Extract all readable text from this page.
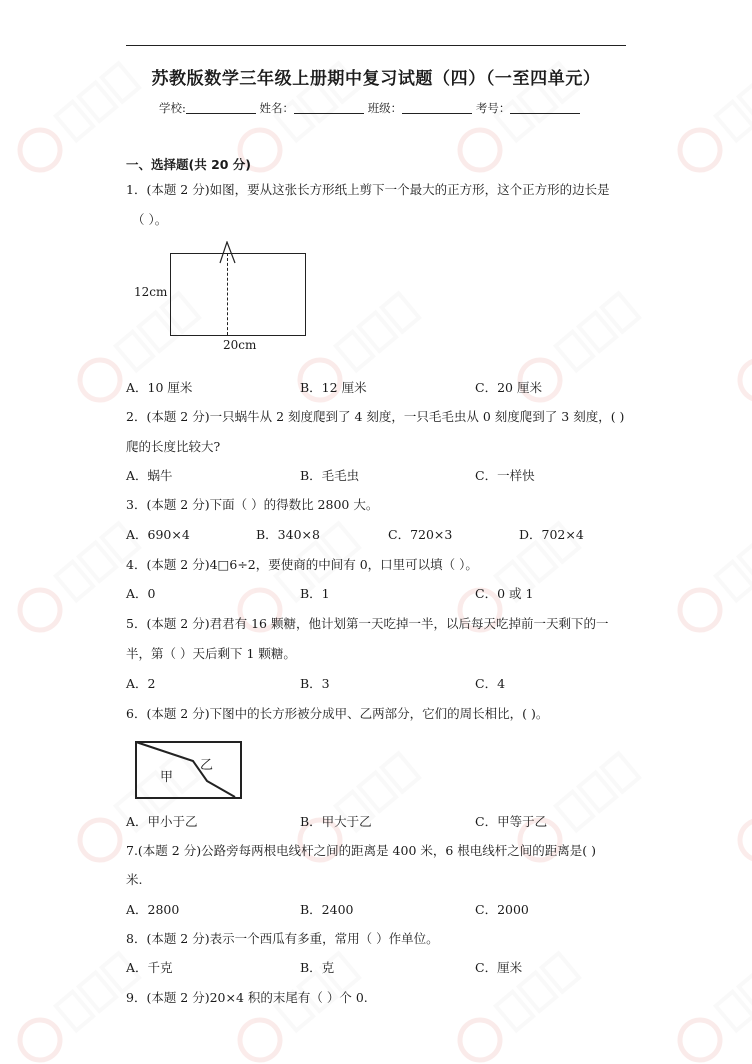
苏教版数学三年级上册期中复习试题（四）（一至四单元）
学校:	姓名：	班级：	考号：
一、选择题(共 20 分)
1．(本题 2 分)如图，要从这张长方形纸上剪下一个最大的正方形，这个正方形的边长是
（ ）。
12cm
20cm
A．10 厘米	B．12 厘米	C．20 厘米
2．(本题 2 分)一只蜗牛从 2 刻度爬到了 4 刻度，一只毛毛虫从 0 刻度爬到了 3 刻度，( )
爬的长度比较大?
A．蜗牛	B．毛毛虫	C．一样快
3．(本题 2 分)下面（ ）的得数比 2800 大。
A．690×4	B．340×8	C．720×3	D．702×4
4．(本题 2 分)4□6÷2，要使商的中间有 0，口里可以填（ ）。
A．0	B．1	C．0 或 1
5．(本题 2 分)君君有 16 颗糖，他计划第一天吃掉一半，以后每天吃掉前一天剩下的一
半，第（ ）天后剩下 1 颗糖。
A．2	B．3	C．4
6．(本题 2 分)下图中的长方形被分成甲、乙两部分，它们的周长相比，( )。
甲
乙
A．甲小于乙	B．甲大于乙	C．甲等于乙
7.(本题 2 分)公路旁每两根电线杆之间的距离是 400 米，6 根电线杆之间的距离是( )
米.
A．2800	B．2400	C．2000
8．(本题 2 分)表示一个西瓜有多重，常用（ ）作单位。
A．千克	B．克	C．厘米
9．(本题 2 分)20×4 积的末尾有（ ）个 0.
